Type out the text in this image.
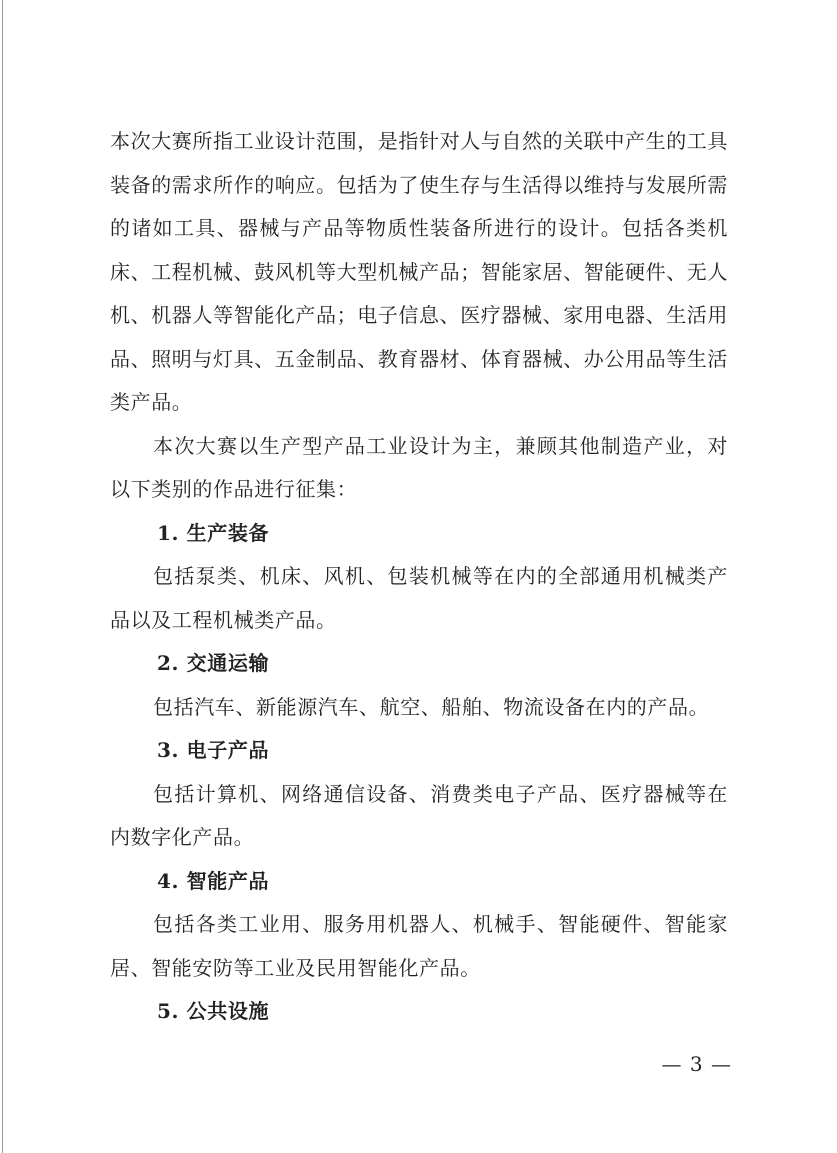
本次大赛所指工业设计范围，是指针对人与自然的关联中产生的工具装备的需求所作的响应。包括为了使生存与生活得以维持与发展所需的诸如工具、器械与产品等物质性装备所进行的设计。包括各类机床、工程机械、鼓风机等大型机械产品；智能家居、智能硬件、无人机、机器人等智能化产品；电子信息、医疗器械、家用电器、生活用品、照明与灯具、五金制品、教育器材、体育器械、办公用品等生活类产品。

本次大赛以生产型产品工业设计为主，兼顾其他制造产业，对以下类别的作品进行征集：

1. 生产装备

包括泵类、机床、风机、包装机械等在内的全部通用机械类产品以及工程机械类产品。

2. 交通运输

包括汽车、新能源汽车、航空、船舶、物流设备在内的产品。

3. 电子产品

包括计算机、网络通信设备、消费类电子产品、医疗器械等在内数字化产品。

4. 智能产品

包括各类工业用、服务用机器人、机械手、智能硬件、智能家居、智能安防等工业及民用智能化产品。

5. 公共设施

— 3 —
